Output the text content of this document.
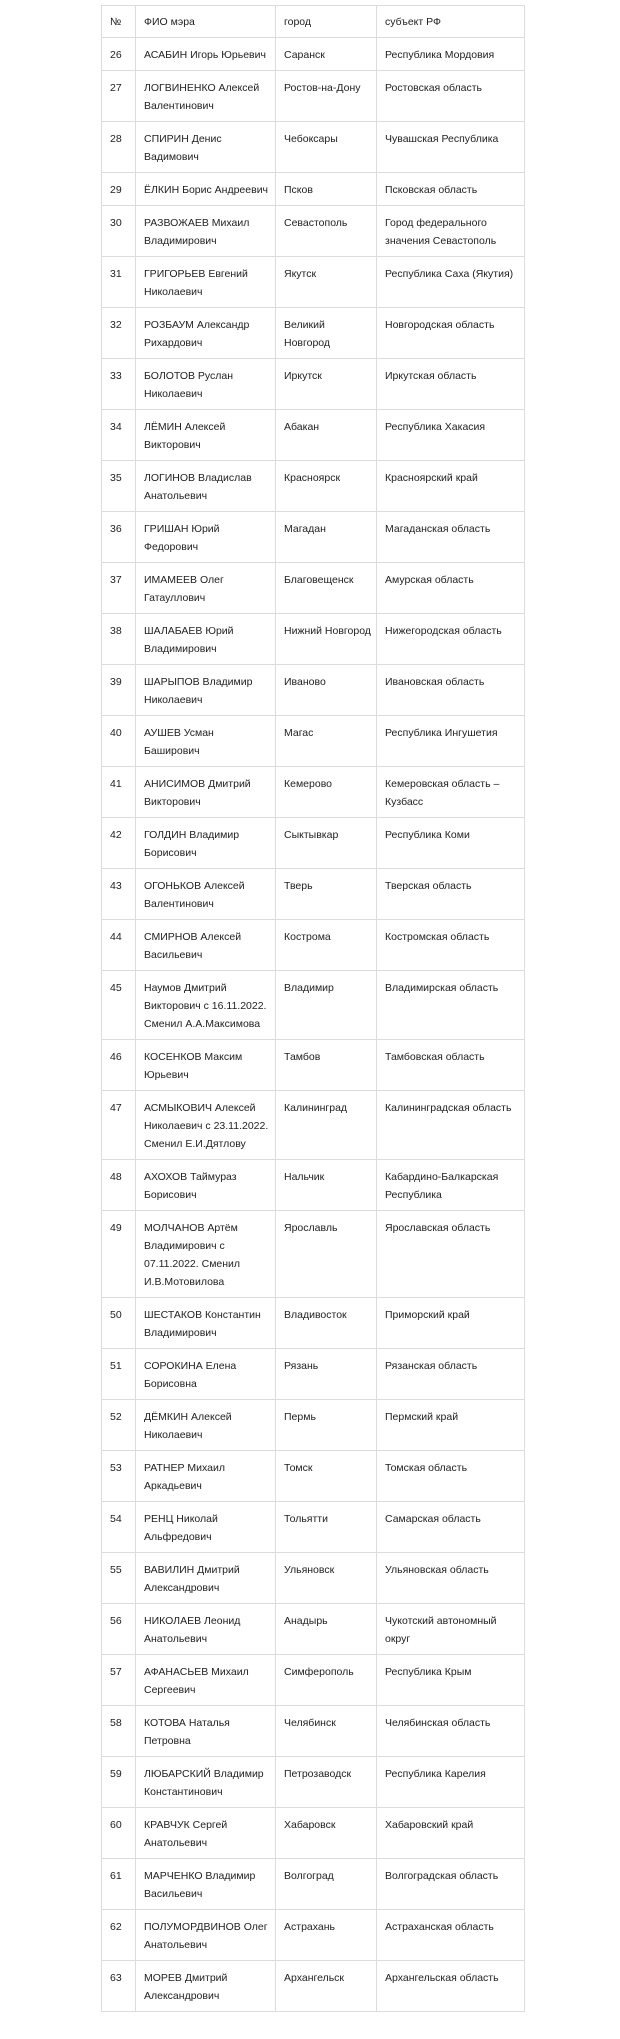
№	ФИО мэра	город	субъект РФ
26	АСАБИН Игорь Юрьевич	Саранск	Республика Мордовия
27	ЛОГВИНЕНКО Алексей Валентинович	Ростов-на-Дону	Ростовская область
28	СПИРИН Денис Вадимович	Чебоксары	Чувашская Республика
29	ЁЛКИН Борис Андреевич	Псков	Псковская область
30	РАЗВОЖАЕВ Михаил Владимирович	Севастополь	Город федерального значения Севастополь
31	ГРИГОРЬЕВ Евгений Николаевич	Якутск	Республика Саха (Якутия)
32	РОЗБАУМ Александр Рихардович	Великий Новгород	Новгородская область
33	БОЛОТОВ Руслан Николаевич	Иркутск	Иркутская область
34	ЛЁМИН Алексей Викторович	Абакан	Республика Хакасия
35	ЛОГИНОВ Владислав Анатольевич	Красноярск	Красноярский край
36	ГРИШАН Юрий Федорович	Магадан	Магаданская область
37	ИМАМЕЕВ Олег Гатауллович	Благовещенск	Амурская область
38	ШАЛАБАЕВ Юрий Владимирович	Нижний Новгород	Нижегородская область
39	ШАРЫПОВ Владимир Николаевич	Иваново	Ивановская область
40	АУШЕВ Усман Баширович	Магас	Республика Ингушетия
41	АНИСИМОВ Дмитрий Викторович	Кемерово	Кемеровская область – Кузбасс
42	ГОЛДИН Владимир Борисович	Сыктывкар	Республика Коми
43	ОГОНЬКОВ Алексей Валентинович	Тверь	Тверская область
44	СМИРНОВ Алексей Васильевич	Кострома	Костромская область
45	Наумов Дмитрий Викторович с 16.11.2022. Сменил А.А.Максимова	Владимир	Владимирская область
46	КОСЕНКОВ Максим Юрьевич	Тамбов	Тамбовская область
47	АСМЫКОВИЧ Алексей Николаевич с 23.11.2022. Сменил Е.И.Дятлову	Калининград	Калининградская область
48	АХОХОВ Таймураз Борисович	Нальчик	Кабардино-Балкарская Республика
49	МОЛЧАНОВ Артём Владимирович с 07.11.2022. Сменил И.В.Мотовилова	Ярославль	Ярославская область
50	ШЕСТАКОВ Константин Владимирович	Владивосток	Приморский край
51	СОРОКИНА Елена Борисовна	Рязань	Рязанская область
52	ДЁМКИН Алексей Николаевич	Пермь	Пермский край
53	РАТНЕР Михаил Аркадьевич	Томск	Томская область
54	РЕНЦ Николай Альфредович	Тольятти	Самарская область
55	ВАВИЛИН Дмитрий Александрович	Ульяновск	Ульяновская область
56	НИКОЛАЕВ Леонид Анатольевич	Анадырь	Чукотский автономный округ
57	АФАНАСЬЕВ Михаил Сергеевич	Симферополь	Республика Крым
58	КОТОВА Наталья Петровна	Челябинск	Челябинская область
59	ЛЮБАРСКИЙ Владимир Константинович	Петрозаводск	Республика Карелия
60	КРАВЧУК Сергей Анатольевич	Хабаровск	Хабаровский край
61	МАРЧЕНКО Владимир Васильевич	Волгоград	Волгоградская область
62	ПОЛУМОРДВИНОВ Олег Анатольевич	Астрахань	Астраханская область
63	МОРЕВ Дмитрий Александрович	Архангельск	Архангельская область
